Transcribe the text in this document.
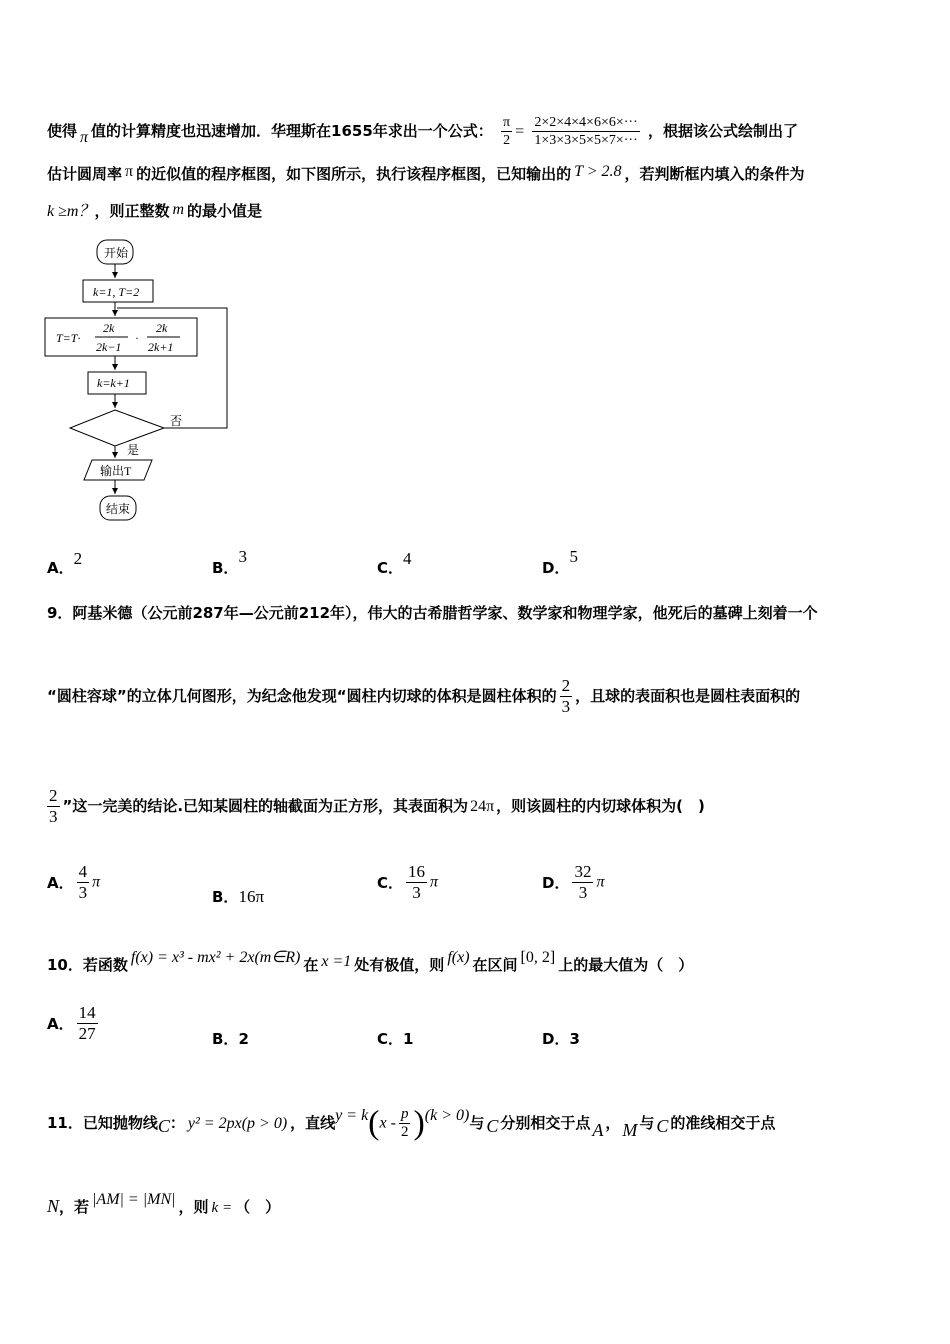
使得 π 值的计算精度也迅速增加．华理斯在1655年求出一个公式： $\frac{\pi}{2} = \frac{2\times 2\times 4\times 4\times 6\times 6\times\cdot\cdot\cdot}{1\times 3\times 3\times 5\times 5\times 7\times\cdot\cdot\cdot}$ ，根据该公式绘制出了
估计圆周率 π 的近似值的程序框图，如下图所示，执行该程序框图，已知输出的 T > 2.8 ，若判断框内填入的条件为
k ≥m？，则正整数 m 的最小值是
开始
k=1, T=2
T=T·
2k
2k−1
·
2k
2k+1
k=k+1
否
是
输出T
结束
A．2	B．3
C．4	D．5
9．阿基米德（公元前287年—公元前212年），伟大的古希腊哲学家、数学家和物理学家，他死后的墓碑上刻着一个
“圆柱容球”的立体几何图形，为纪念他发现“圆柱内切球的体积是圆柱体积的 $\frac{2}{3}$ ，且球的表面积也是圆柱表面积的
$\frac{2}{3}$ ”这一完美的结论.已知某圆柱的轴截面为正方形，其表面积为 24π ，则该圆柱的内切球体积为(　)
A． $\frac{4}{3}$ π
B．16π
C． $\frac{16}{3}$ π	D． $\frac{32}{3}$ π
10．若函数 f(x) = x³ - mx² + 2x(m∈R) 在 x =1 处有极值，则 f(x) 在区间 [0, 2] 上的最大值为（　）
A． $\frac{14}{27}$	B．2	C．1	D．3
11．已知抛物线C： y² = 2px(p > 0) ，直线$y = k(x - \frac{p}{2} )(k > 0)$与 C 分别相交于点 A ， M 与 C 的准线相交于点
N，若 |AM| = |MN| ，则 k = （　）
